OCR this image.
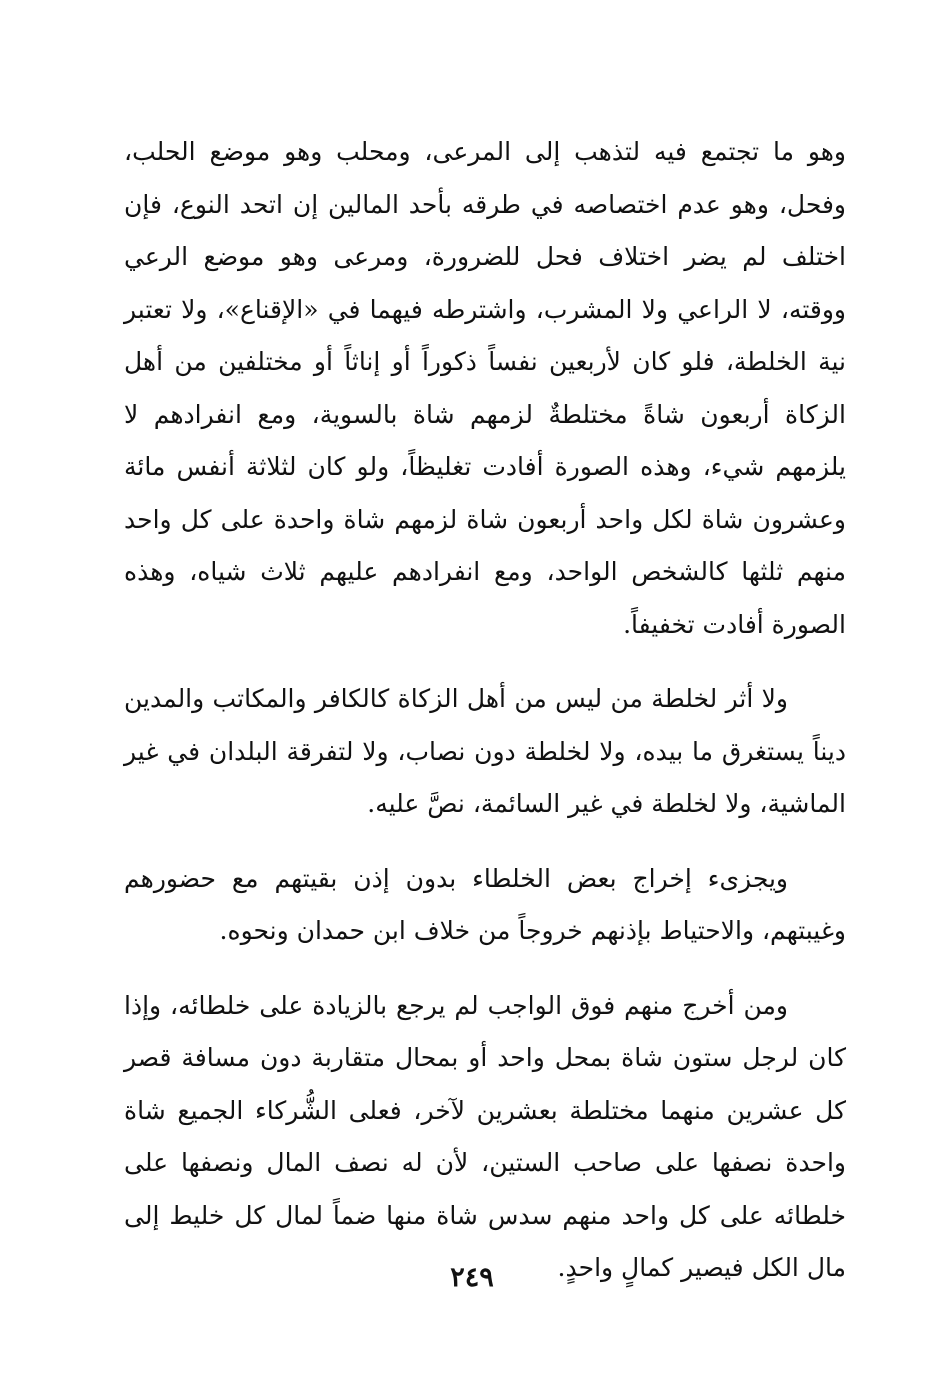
وهو ما تجتمع فيه لتذهب إلى المرعى، ومحلب وهو موضع الحلب، وفحل، وهو عدم اختصاصه في طرقه بأحد المالين إن اتحد النوع، فإن اختلف لم يضر اختلاف فحل للضرورة، ومرعى وهو موضع الرعي ووقته، لا الراعي ولا المشرب، واشترطه فيهما في «الإقناع»، ولا تعتبر نية الخلطة، فلو كان لأربعين نفساً ذكوراً أو إناثاً أو مختلفين من أهل الزكاة أربعون شاةً مختلطةٌ لزمهم شاة بالسوية، ومع انفرادهم لا يلزمهم شيء، وهذه الصورة أفادت تغليظاً، ولو كان لثلاثة أنفس مائة وعشرون شاة لكل واحد أربعون شاة لزمهم شاة واحدة على كل واحد منهم ثلثها كالشخص الواحد، ومع انفرادهم عليهم ثلاث شياه، وهذه الصورة أفادت تخفيفاً.

ولا أثر لخلطة من ليس من أهل الزكاة كالكافر والمكاتب والمدين ديناً يستغرق ما بيده، ولا لخلطة دون نصاب، ولا لتفرقة البلدان في غير الماشية، ولا لخلطة في غير السائمة، نصَّ عليه.

ويجزىء إخراج بعض الخلطاء بدون إذن بقيتهم مع حضورهم وغيبتهم، والاحتياط بإذنهم خروجاً من خلاف ابن حمدان ونحوه.

ومن أخرج منهم فوق الواجب لم يرجع بالزيادة على خلطائه، وإذا كان لرجل ستون شاة بمحل واحد أو بمحال متقاربة دون مسافة قصر كل عشرين منهما مختلطة بعشرين لآخر، فعلى الشُّركاء الجميع شاة واحدة نصفها على صاحب الستين، لأن له نصف المال ونصفها على خلطائه على كل واحد منهم سدس شاة منها ضماً لمال كل خليط إلى مال الكل فيصير كمالٍ واحدٍ.

٢٤٩
